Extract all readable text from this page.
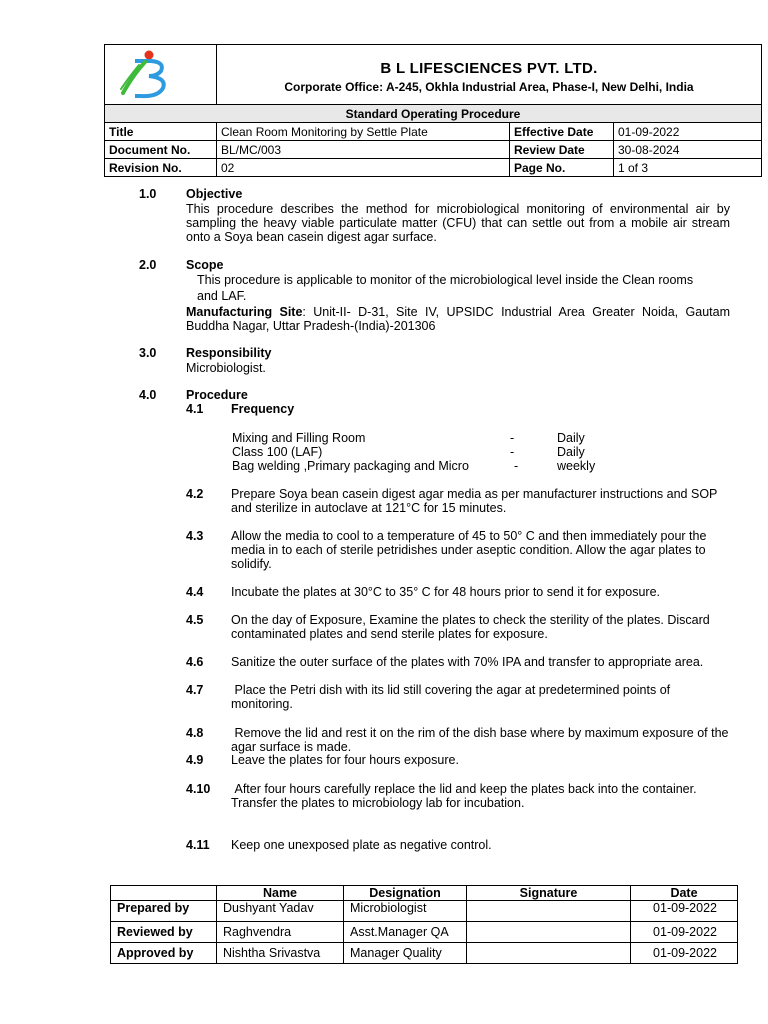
B L LIFESCIENCES PVT. LTD.
Corporate Office: A-245, Okhla Industrial Area, Phase-I, New Delhi, India		

Standard Operating Procedure			
Title	Clean Room Monitoring by Settle Plate	Effective Date	01-09-2022
Document No.	BL/MC/003	Review Date	30-08-2024
Revision No.	02	Page No.	1 of 3
1.0 Objective
This procedure describes the method for microbiological monitoring of environmental air by sampling the heavy viable particulate matter (CFU) that can settle out from a mobile air stream onto a Soya bean casein digest agar surface.
2.0 Scope
This procedure is applicable to monitor of the microbiological level inside the Clean rooms and LAF.
Manufacturing Site: Unit-II- D-31, Site IV, UPSIDC Industrial Area Greater Noida, Gautam Buddha Nagar, Uttar Pradesh-(India)-201306
3.0 Responsibility
Microbiologist.
4.0 Procedure
4.1 Frequency
Mixing and Filling Room	-	Daily
Class 100 (LAF)	-	Daily
Bag welding ,Primary packaging and Micro	-	weekly
4.2 Prepare Soya bean casein digest agar media as per manufacturer instructions and SOP and sterilize in autoclave at 121°C for 15 minutes.
4.3 Allow the media to cool to a temperature of 45 to 50° C and then immediately pour the media in to each of sterile petridishes under aseptic condition. Allow the agar plates to solidify.
4.4 Incubate the plates at 30°C to 35° C for 48 hours prior to send it for exposure.
4.5 On the day of Exposure, Examine the plates to check the sterility of the plates. Discard contaminated plates and send sterile plates for exposure.
4.6 Sanitize the outer surface of the plates with 70% IPA and transfer to appropriate area.
4.7 Place the Petri dish with its lid still covering the agar at predetermined points of monitoring.
4.8 Remove the lid and rest it on the rim of the dish base where by maximum exposure of the agar surface is made.
4.9 Leave the plates for four hours exposure.
4.10 After four hours carefully replace the lid and keep the plates back into the container. Transfer the plates to microbiology lab for incubation.
4.11 Keep one unexposed plate as negative control.
	Name	Designation	Signature	Date
Prepared by	Dushyant Yadav	Microbiologist		01-09-2022
Reviewed by	Raghvendra	Asst.Manager QA		01-09-2022
Approved by	Nishtha Srivastva	Manager Quality		01-09-2022
